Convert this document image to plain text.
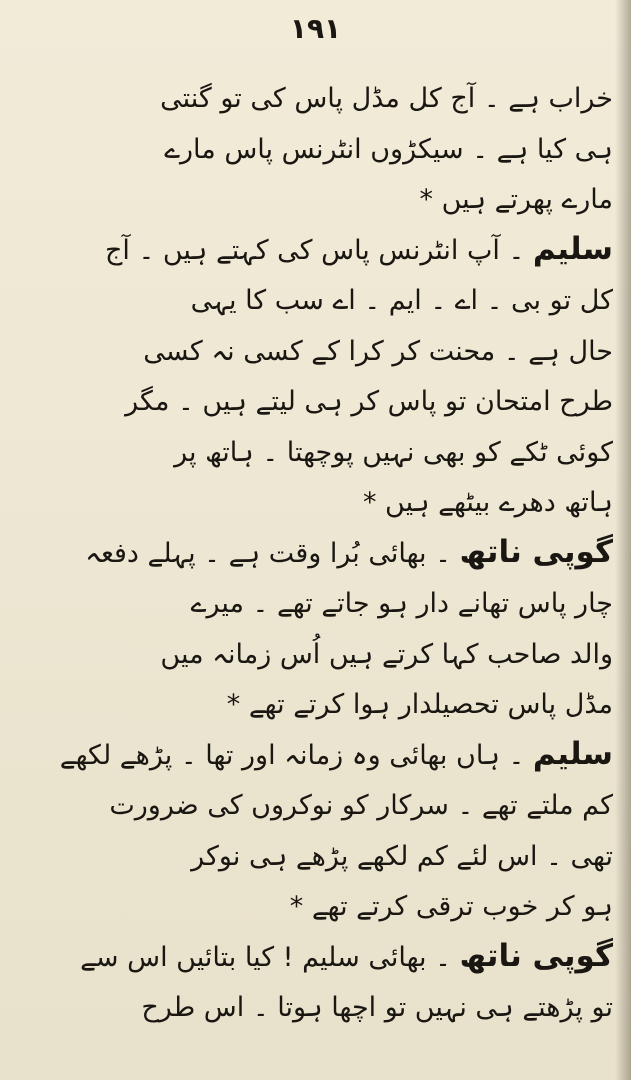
١٩١
خراب ہے ۔ آج کل مڈل پاس کی تو گنتی
ہی کیا ہے ۔ سیکڑوں انٹرنس پاس مارے
مارے پھرتے ہیں *
سلیم ۔ آپ انٹرنس پاس کی کہتے ہیں ۔ آج
کل تو بی ۔ اے ۔ ایم ۔ اے سب کا یہی
حال ہے ۔ محنت کر کرا کے کسی نہ کسی
طرح امتحان تو پاس کر ہی لیتے ہیں ۔ مگر
کوئی ٹکے کو بھی نہیں پوچھتا ۔ ہاتھ پر
ہاتھ دھرے بیٹھے ہیں *
گوپی ناتھ ۔ بھائی بُرا وقت ہے ۔ پہلے دفعہ
چار پاس تھانے دار ہو جاتے تھے ۔ میرے
والد صاحب کہا کرتے ہیں اُس زمانہ میں
مڈل پاس تحصیلدار ہوا کرتے تھے *
سلیم ۔ ہاں بھائی وہ زمانہ اور تھا ۔ پڑھے لکھے
کم ملتے تھے ۔ سرکار کو نوکروں کی ضرورت
تھی ۔ اس لئے کم لکھے پڑھے ہی نوکر
ہو کر خوب ترقی کرتے تھے *
گوپی ناتھ ۔ بھائی سلیم ! کیا بتائیں اس سے
تو پڑھتے ہی نہیں تو اچھا ہوتا ۔ اس طرح
